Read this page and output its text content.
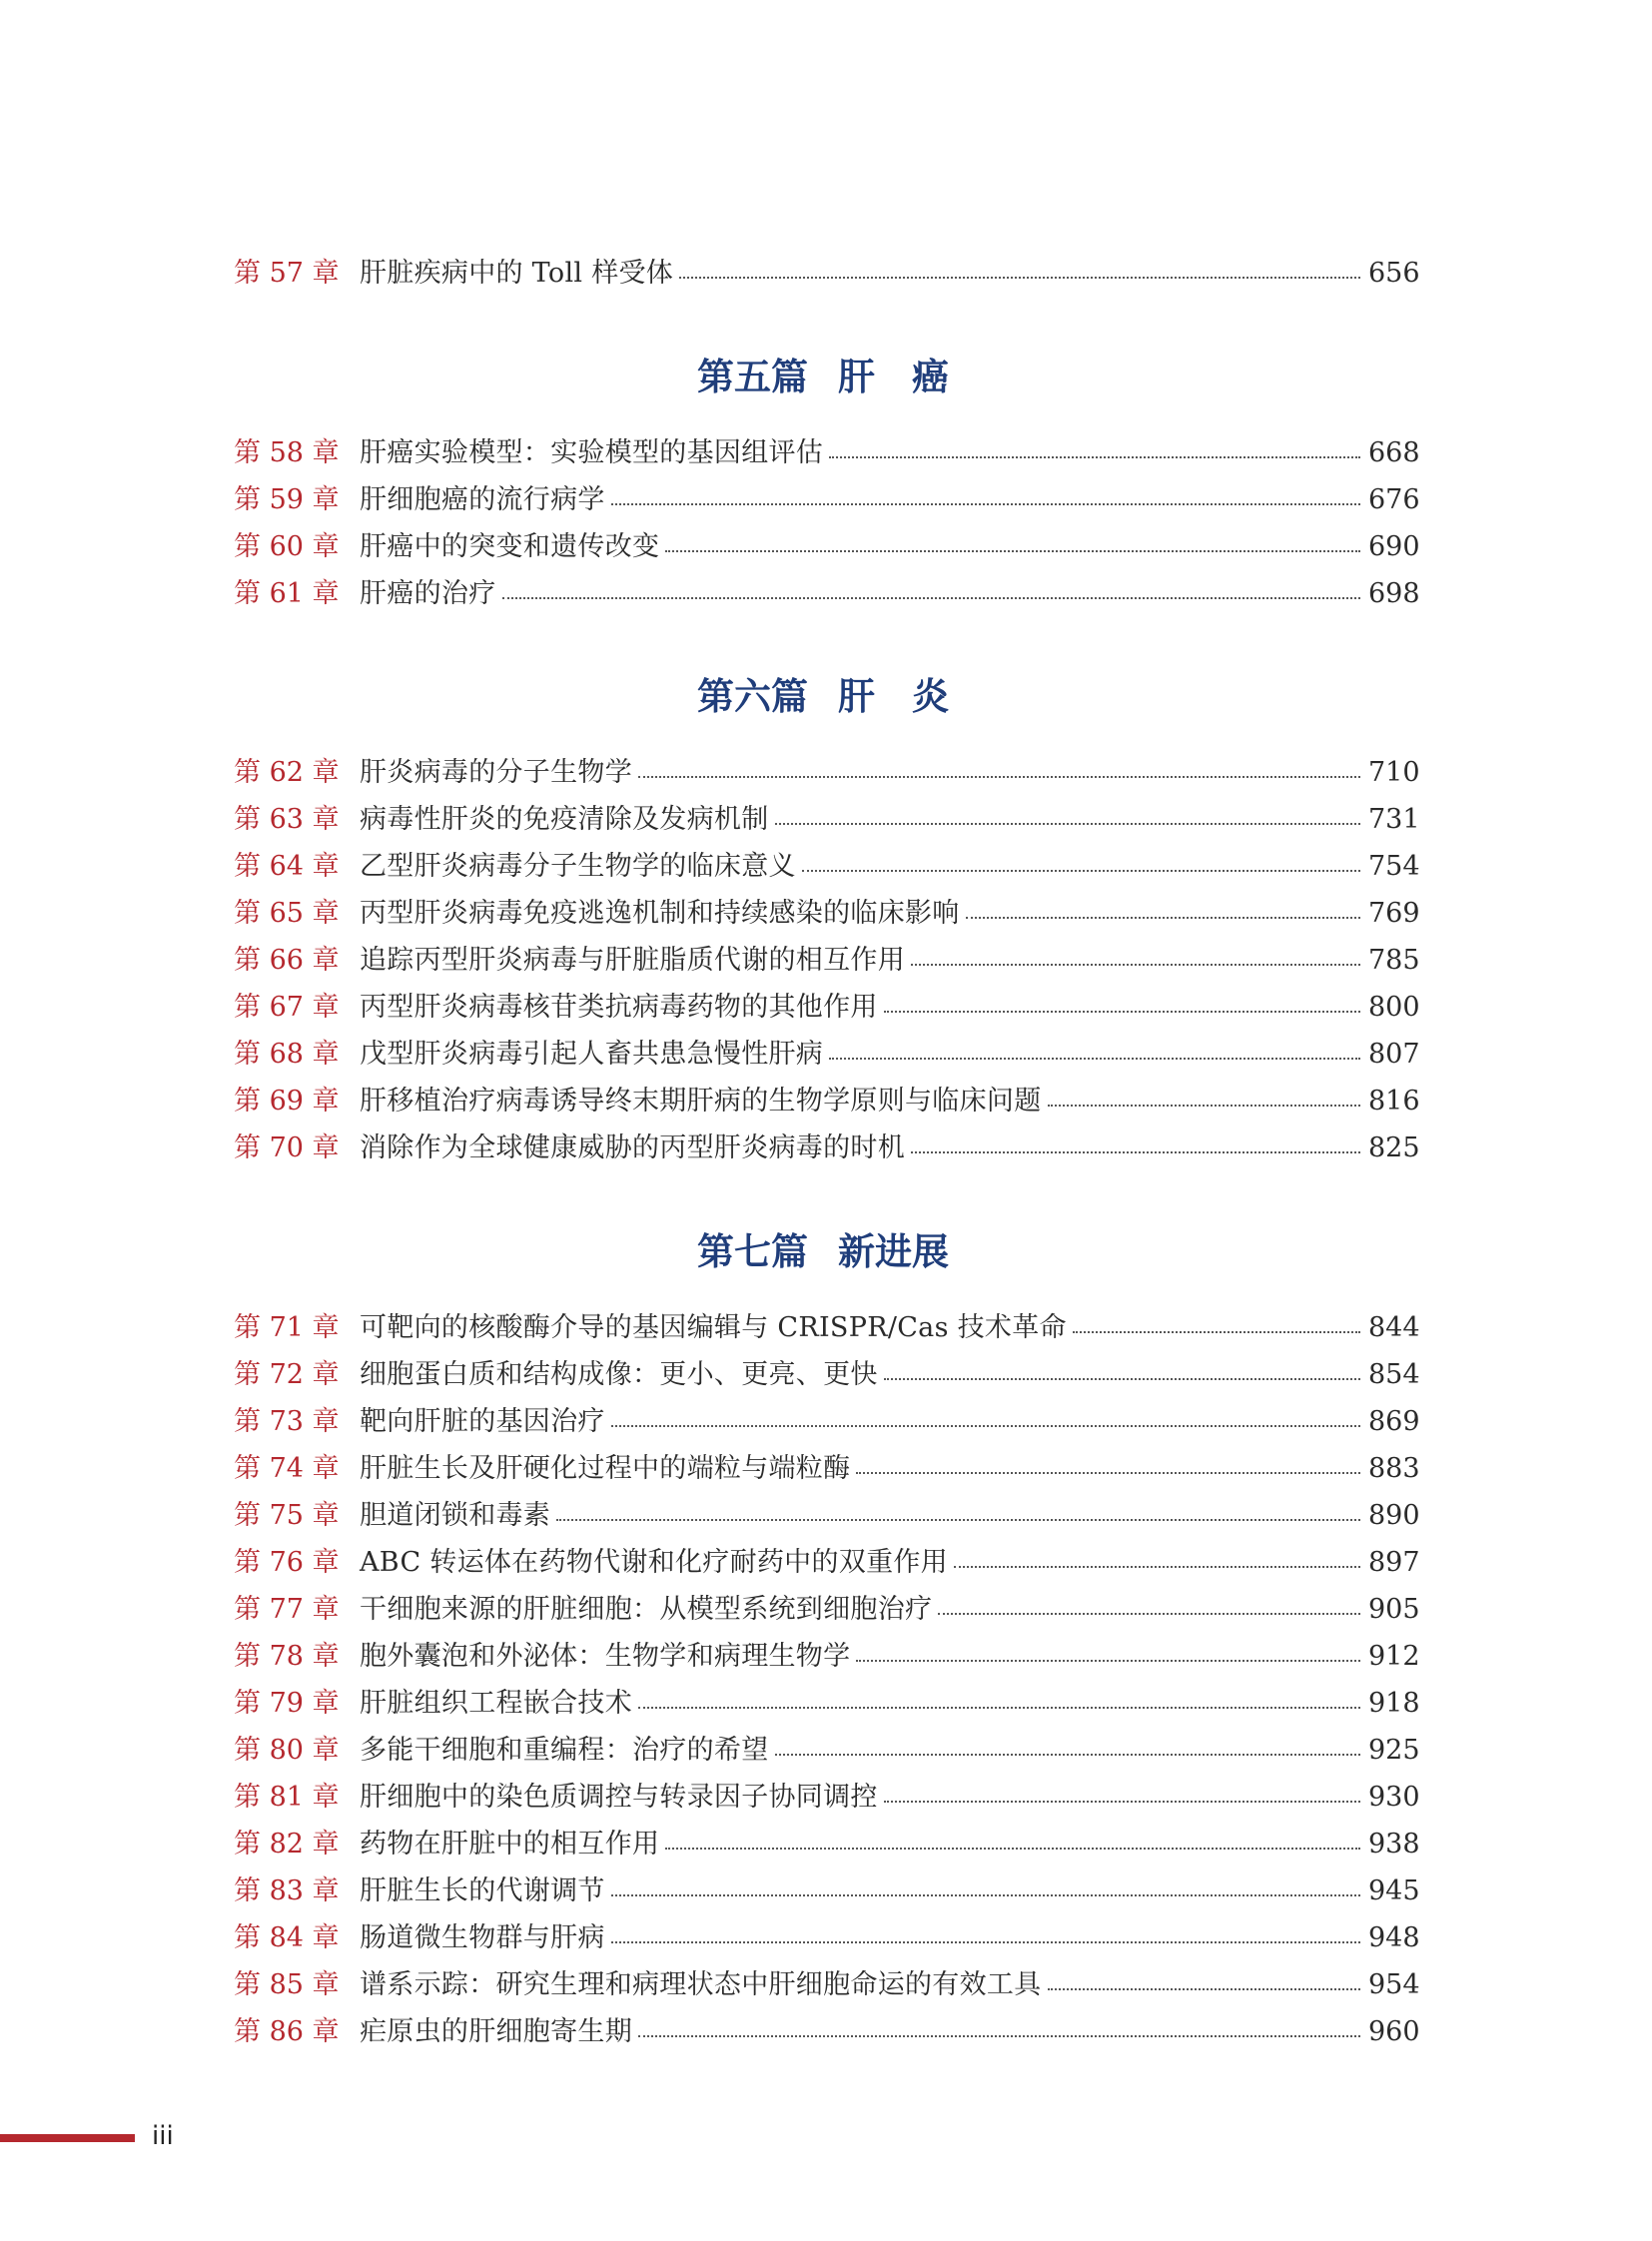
第 57 章 肝脏疾病中的 Toll 样受体	656
第五篇 肝　癌
第 58 章 肝癌实验模型：实验模型的基因组评估	668
第 59 章 肝细胞癌的流行病学	676
第 60 章 肝癌中的突变和遗传改变	690
第 61 章 肝癌的治疗	698
第六篇 肝　炎
第 62 章 肝炎病毒的分子生物学	710
第 63 章 病毒性肝炎的免疫清除及发病机制	731
第 64 章 乙型肝炎病毒分子生物学的临床意义	754
第 65 章 丙型肝炎病毒免疫逃逸机制和持续感染的临床影响	769
第 66 章 追踪丙型肝炎病毒与肝脏脂质代谢的相互作用	785
第 67 章 丙型肝炎病毒核苷类抗病毒药物的其他作用	800
第 68 章 戊型肝炎病毒引起人畜共患急慢性肝病	807
第 69 章 肝移植治疗病毒诱导终末期肝病的生物学原则与临床问题	816
第 70 章 消除作为全球健康威胁的丙型肝炎病毒的时机	825
第七篇 新进展
第 71 章 可靶向的核酸酶介导的基因编辑与 CRISPR/Cas 技术革命	844
第 72 章 细胞蛋白质和结构成像：更小、更亮、更快	854
第 73 章 靶向肝脏的基因治疗	869
第 74 章 肝脏生长及肝硬化过程中的端粒与端粒酶	883
第 75 章 胆道闭锁和毒素	890
第 76 章 ABC 转运体在药物代谢和化疗耐药中的双重作用	897
第 77 章 干细胞来源的肝脏细胞：从模型系统到细胞治疗	905
第 78 章 胞外囊泡和外泌体：生物学和病理生物学	912
第 79 章 肝脏组织工程嵌合技术	918
第 80 章 多能干细胞和重编程：治疗的希望	925
第 81 章 肝细胞中的染色质调控与转录因子协同调控	930
第 82 章 药物在肝脏中的相互作用	938
第 83 章 肝脏生长的代谢调节	945
第 84 章 肠道微生物群与肝病	948
第 85 章 谱系示踪：研究生理和病理状态中肝细胞命运的有效工具	954
第 86 章 疟原虫的肝细胞寄生期	960
iii
